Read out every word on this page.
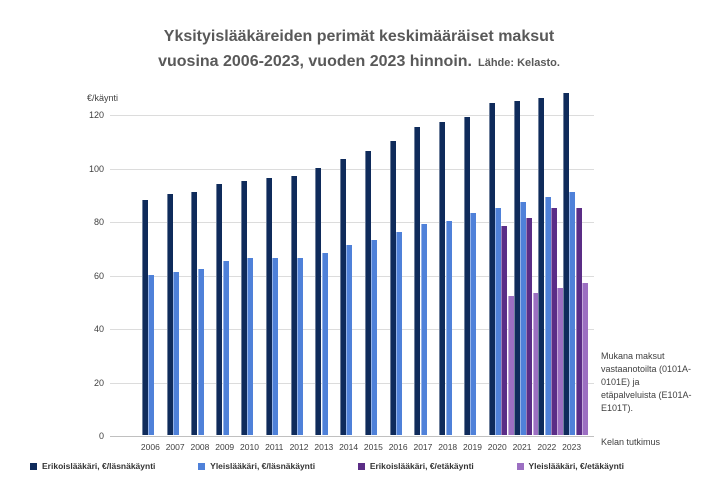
Yksityislääkäreiden perimät keskimääräiset maksut
vuosina 2006-2023, vuoden 2023 hinnoin. Lähde: Kelasto.
€/käynti
0
20
40
60
80
100
120
2006 2007 2008 2009 2010 2011 2012 2013 2014 2015 2016 2017 2018 2019 2020 2021 2022 2023
Mukana maksut vastaanotoilta (0101A-0101E) ja etäpalveluista (E101A-E101T).
Kelan tutkimus
Erikoislääkäri, €/läsnäkäynti	Yleislääkäri, €/läsnäkäynti	Erikoislääkäri, €/etäkäynti	Yleislääkäri, €/etäkäynti
